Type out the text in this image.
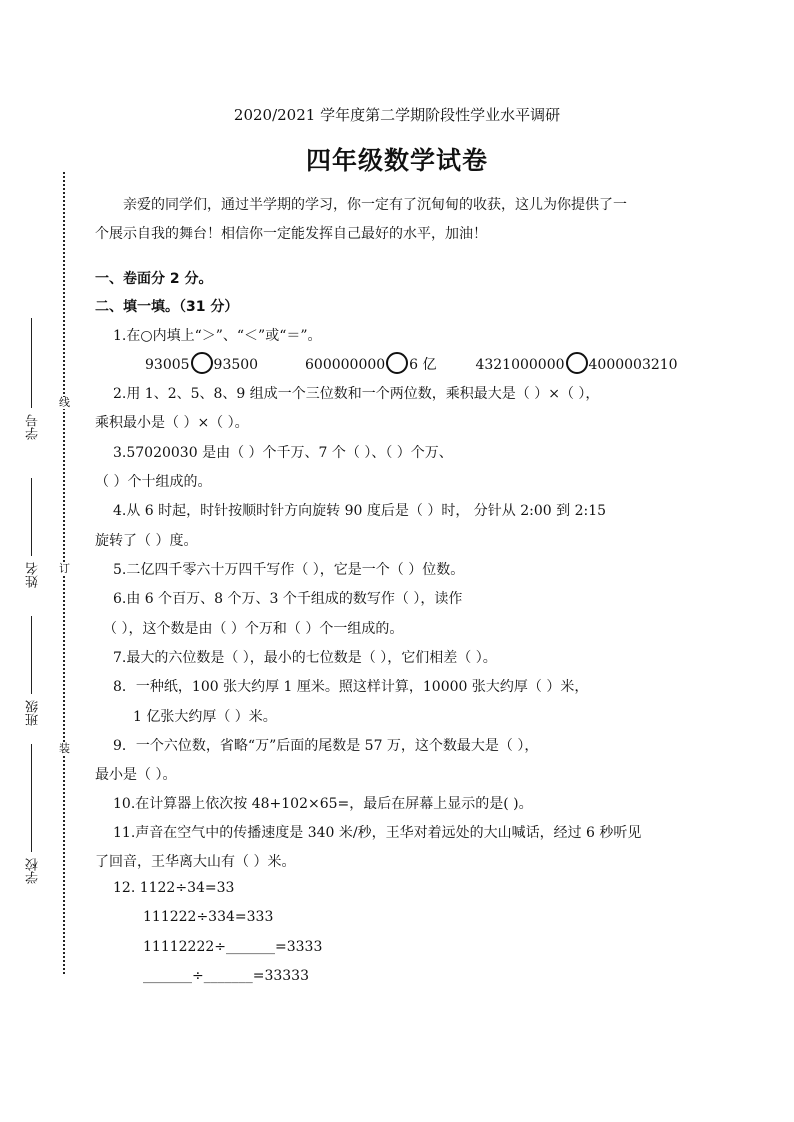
线
订
装
学号
姓名
班级
学校
2020/2021 学年度第二学期阶段性学业水平调研
四年级数学试卷
亲爱的同学们，通过半学期的学习，你一定有了沉甸甸的收获，这儿为你提供了一
个展示自我的舞台！相信你一定能发挥自己最好的水平，加油！
一、卷面分 2 分。
二、填一填。（31 分）
1.在○内填上“＞”、“＜”或“＝”。
93005 93500	600000000 6 亿	4321000000 4000003210
2.用 1、2、5、8、9 组成一个三位数和一个两位数，乘积最大是（ ）×（ ），
乘积最小是（ ）×（ ）。
3.57020030 是由（ ）个千万、7 个（ ）、（ ）个万、
（ ）个十组成的。
4.从 6 时起，时针按顺时针方向旋转 90 度后是（ ）时， 分针从 2:00 到 2:15
旋转了（ ）度。
5.二亿四千零六十万四千写作（ ），它是一个（ ）位数。
6.由 6 个百万、8 个万、3 个千组成的数写作（ ），读作
（ ），这个数是由（ ）个万和（ ）个一组成的。
7.最大的六位数是（ ），最小的七位数是（ ），它们相差（ ）。
8．一种纸，100 张大约厚 1 厘米。照这样计算，10000 张大约厚（ ）米，
1 亿张大约厚（ ）米。
9．一个六位数，省略“万”后面的尾数是 57 万，这个数最大是（ ），
最小是（ ）。
10.在计算器上依次按 48+102×65=，最后在屏幕上显示的是( )。
11.声音在空气中的传播速度是 340 米/秒，王华对着远处的大山喊话，经过 6 秒听见
了回音，王华离大山有（ ）米。
12. 1122÷34=33
111222÷334=333
11112222÷_______=3333
_______÷_______=33333
